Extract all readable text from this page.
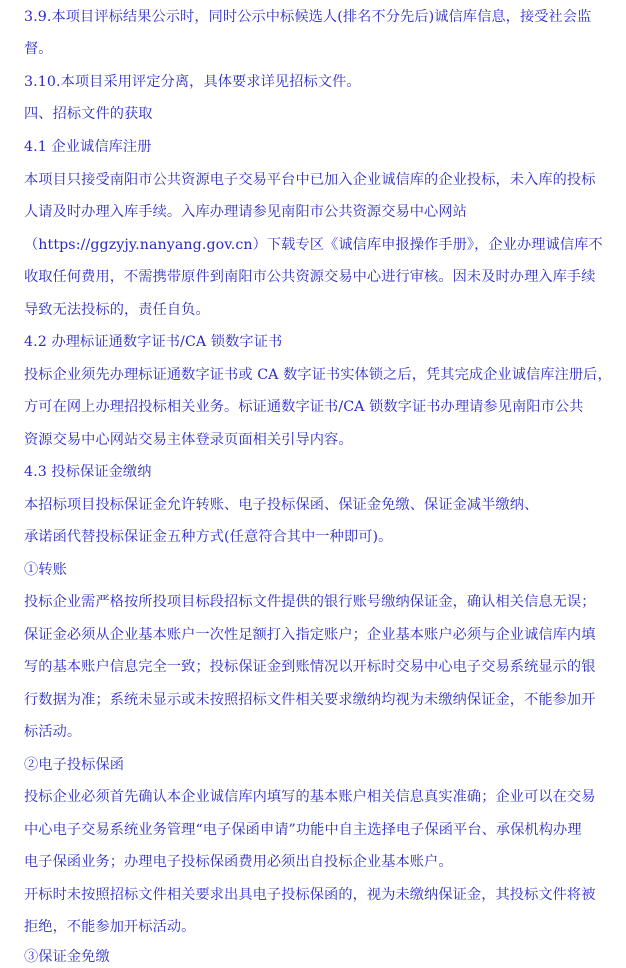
3.9.本项目评标结果公示时，同时公示中标候选人(排名不分先后)诚信库信息，接受社会监
督。
3.10.本项目采用评定分离，具体要求详见招标文件。
四、招标文件的获取
4.1 企业诚信库注册
本项目只接受南阳市公共资源电子交易平台中已加入企业诚信库的企业投标，未入库的投标
人请及时办理入库手续。入库办理请参见南阳市公共资源交易中心网站
（https://ggzyjy.nanyang.gov.cn）下载专区《诚信库申报操作手册》，企业办理诚信库不
收取任何费用，不需携带原件到南阳市公共资源交易中心进行审核。因未及时办理入库手续
导致无法投标的，责任自负。
4.2 办理标证通数字证书/CA 锁数字证书
投标企业须先办理标证通数字证书或 CA 数字证书实体锁之后，凭其完成企业诚信库注册后，
方可在网上办理招投标相关业务。标证通数字证书/CA 锁数字证书办理请参见南阳市公共
资源交易中心网站交易主体登录页面相关引导内容。
4.3 投标保证金缴纳
本招标项目投标保证金允许转账、电子投标保函、保证金免缴、保证金减半缴纳、
承诺函代替投标保证金五种方式(任意符合其中一种即可)。
①转账
投标企业需严格按所投项目标段招标文件提供的银行账号缴纳保证金，确认相关信息无误；
保证金必须从企业基本账户一次性足额打入指定账户；企业基本账户必须与企业诚信库内填
写的基本账户信息完全一致；投标保证金到账情况以开标时交易中心电子交易系统显示的银
行数据为准；系统未显示或未按照招标文件相关要求缴纳均视为未缴纳保证金，不能参加开
标活动。
②电子投标保函
投标企业必须首先确认本企业诚信库内填写的基本账户相关信息真实准确；企业可以在交易
中心电子交易系统业务管理“电子保函申请”功能中自主选择电子保函平台、承保机构办理
电子保函业务；办理电子投标保函费用必须出自投标企业基本账户。
开标时未按照招标文件相关要求出具电子投标保函的，视为未缴纳保证金，其投标文件将被
拒绝，不能参加开标活动。
③保证金免缴
